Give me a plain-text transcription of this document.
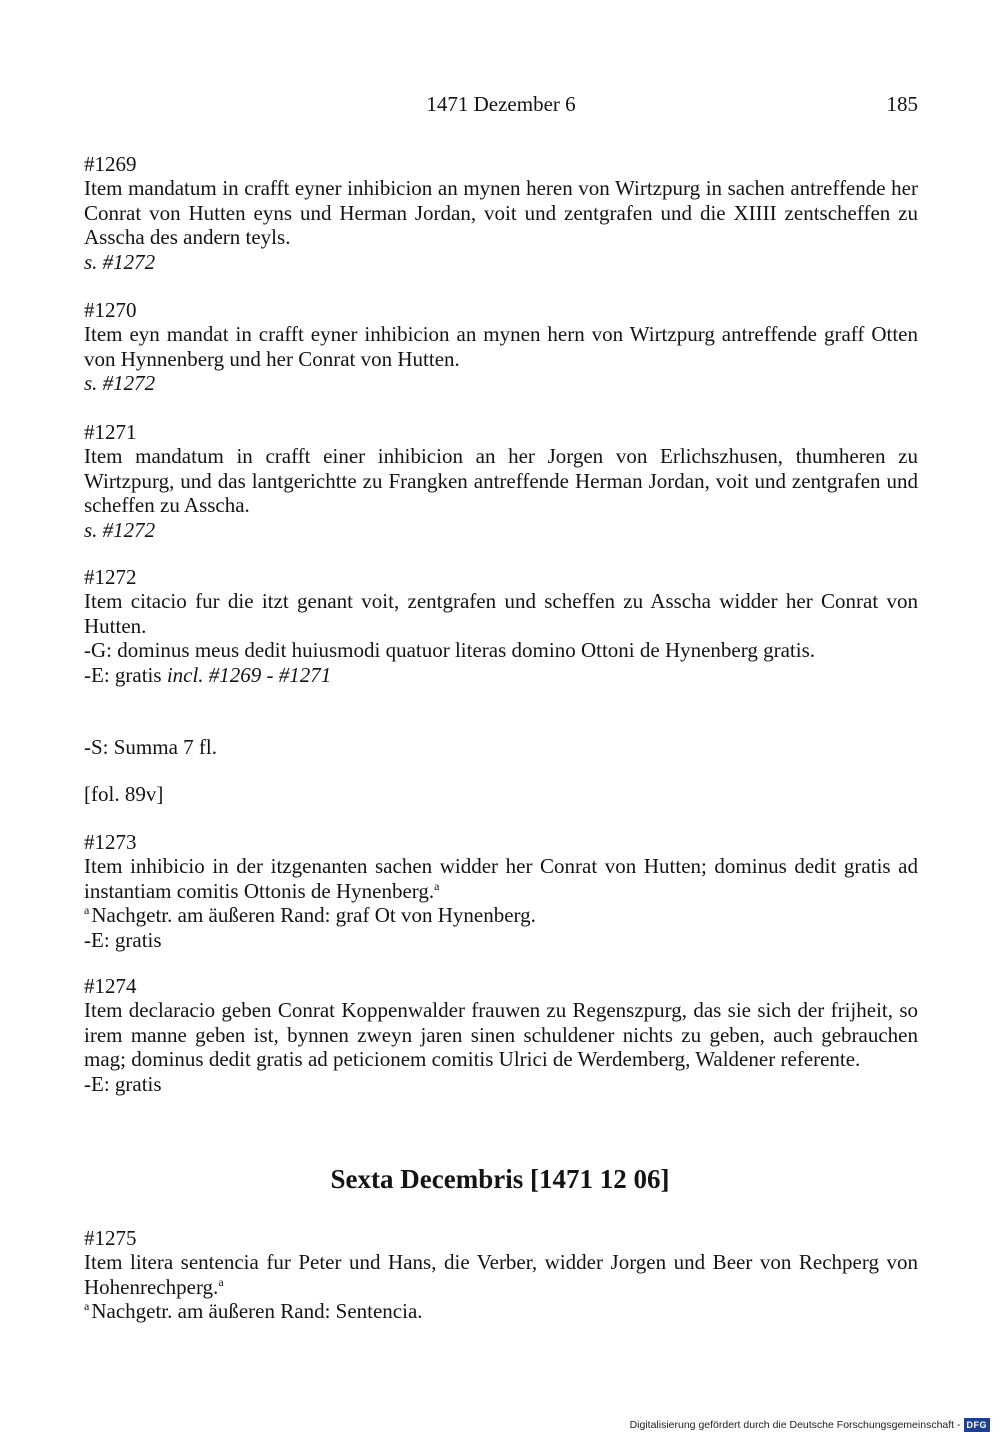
1471 Dezember 6	185
#1269

Item mandatum in crafft eyner inhibicion an mynen heren von Wirtzpurg in sachen antreffende her Conrat von Hutten eyns und Herman Jordan, voit und zentgrafen und die XIIII zentscheffen zu Asscha des andern teyls.

s. #1272
#1270

Item eyn mandat in crafft eyner inhibicion an mynen hern von Wirtzpurg antreffende graff Otten von Hynnenberg und her Conrat von Hutten.

s. #1272
#1271

Item mandatum in crafft einer inhibicion an her Jorgen von Erlichszhusen, thumheren zu Wirtzpurg, und das lantgerichtte zu Frangken antreffende Herman Jordan, voit und zentgrafen und scheffen zu Asscha.

s. #1272
#1272

Item citacio fur die itzt genant voit, zentgrafen und scheffen zu Asscha widder her Conrat von Hutten.

-G: dominus meus dedit huiusmodi quatuor literas domino Ottoni de Hynenberg gratis.

-E: gratis incl. #1269 - #1271
-S: Summa 7 fl.
[fol. 89v]
#1273

Item inhibicio in der itzgenanten sachen widder her Conrat von Hutten; dominus dedit gratis ad instantiam comitis Ottonis de Hynenberg.$^a$

$^a$Nachgetr. am äußeren Rand: graf Ot von Hynenberg.
-E: gratis
#1274

Item declaracio geben Conrat Koppenwalder frauwen zu Regenszpurg, das sie sich der frijheit, so irem manne geben ist, bynnen zweyn jaren sinen schuldener nichts zu geben, auch gebrauchen mag; dominus dedit gratis ad peticionem comitis Ulrici de Werdemberg, Waldener referente.

-E: gratis
Sexta Decembris [1471 12 06]
#1275

Item litera sentencia fur Peter und Hans, die Verber, widder Jorgen und Beer von Rechperg von Hohenrechperg.$^a$

$^a$Nachgetr. am äußeren Rand: Sentencia.
Digitalisierung gefördert durch die Deutsche Forschungsgemeinschaft - DFG
